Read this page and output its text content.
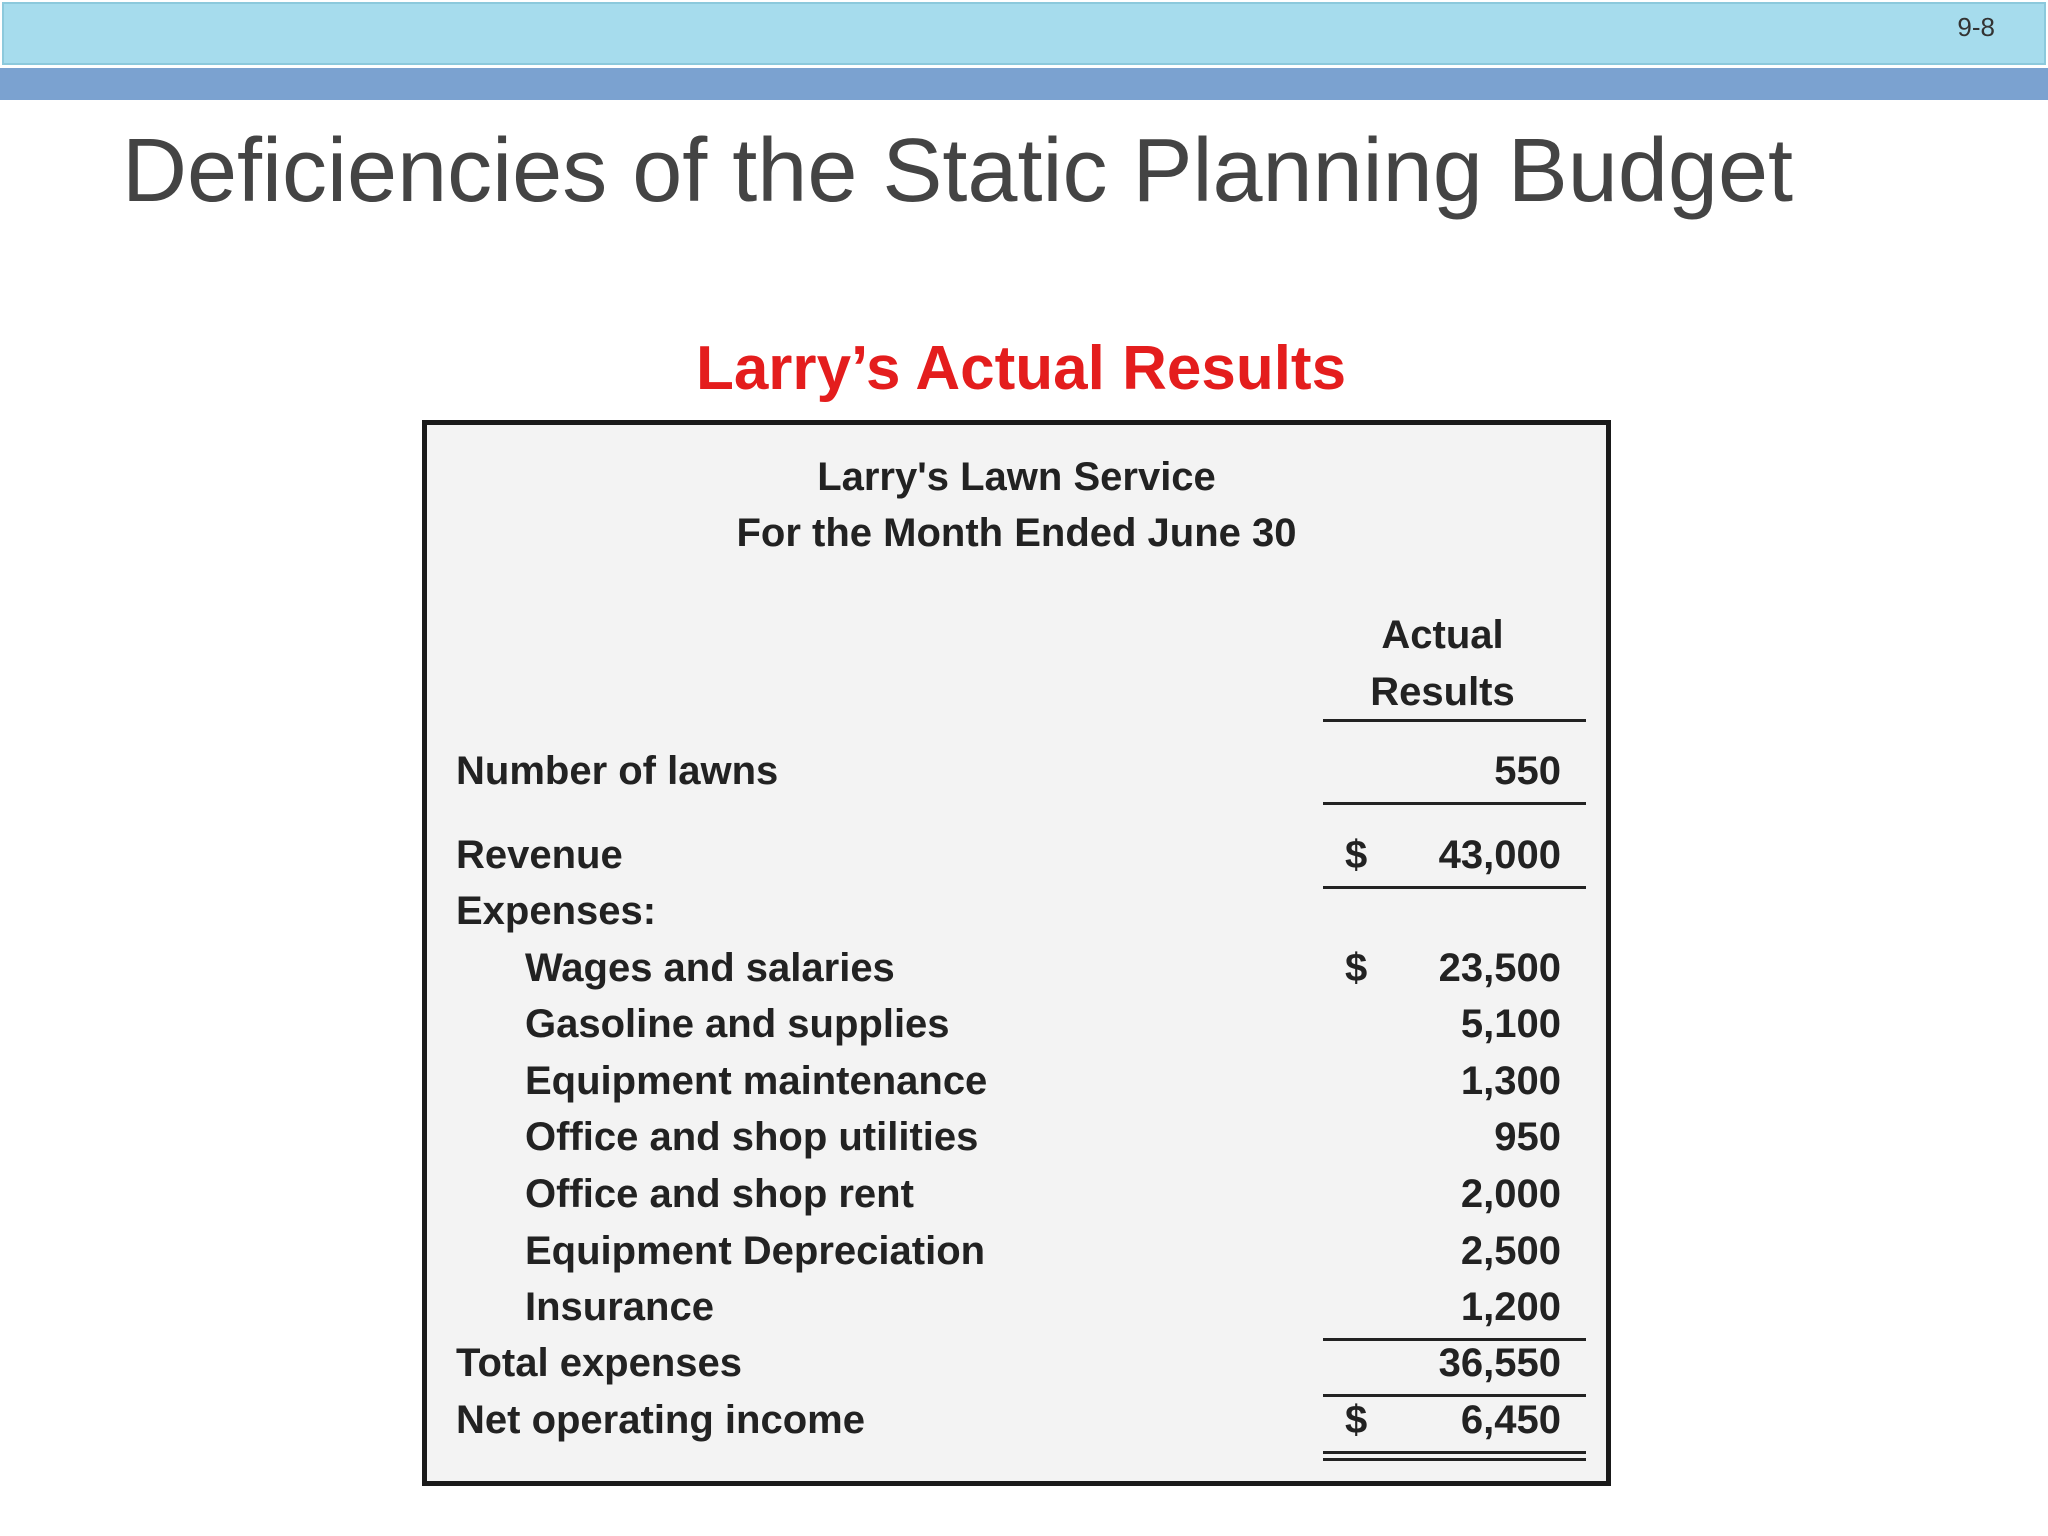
9-8
Deficiencies of the Static Planning Budget
Larry’s Actual Results
Larry's Lawn Service
For the Month Ended June 30
Actual
Results
Number of lawns	550
Revenue	$ 43,000
Expenses:
Wages and salaries	$ 23,500
Gasoline and supplies	5,100
Equipment maintenance	1,300
Office and shop utilities	950
Office and shop rent	2,000
Equipment Depreciation	2,500
Insurance	1,200
Total expenses	36,550
Net operating income	$ 6,450
